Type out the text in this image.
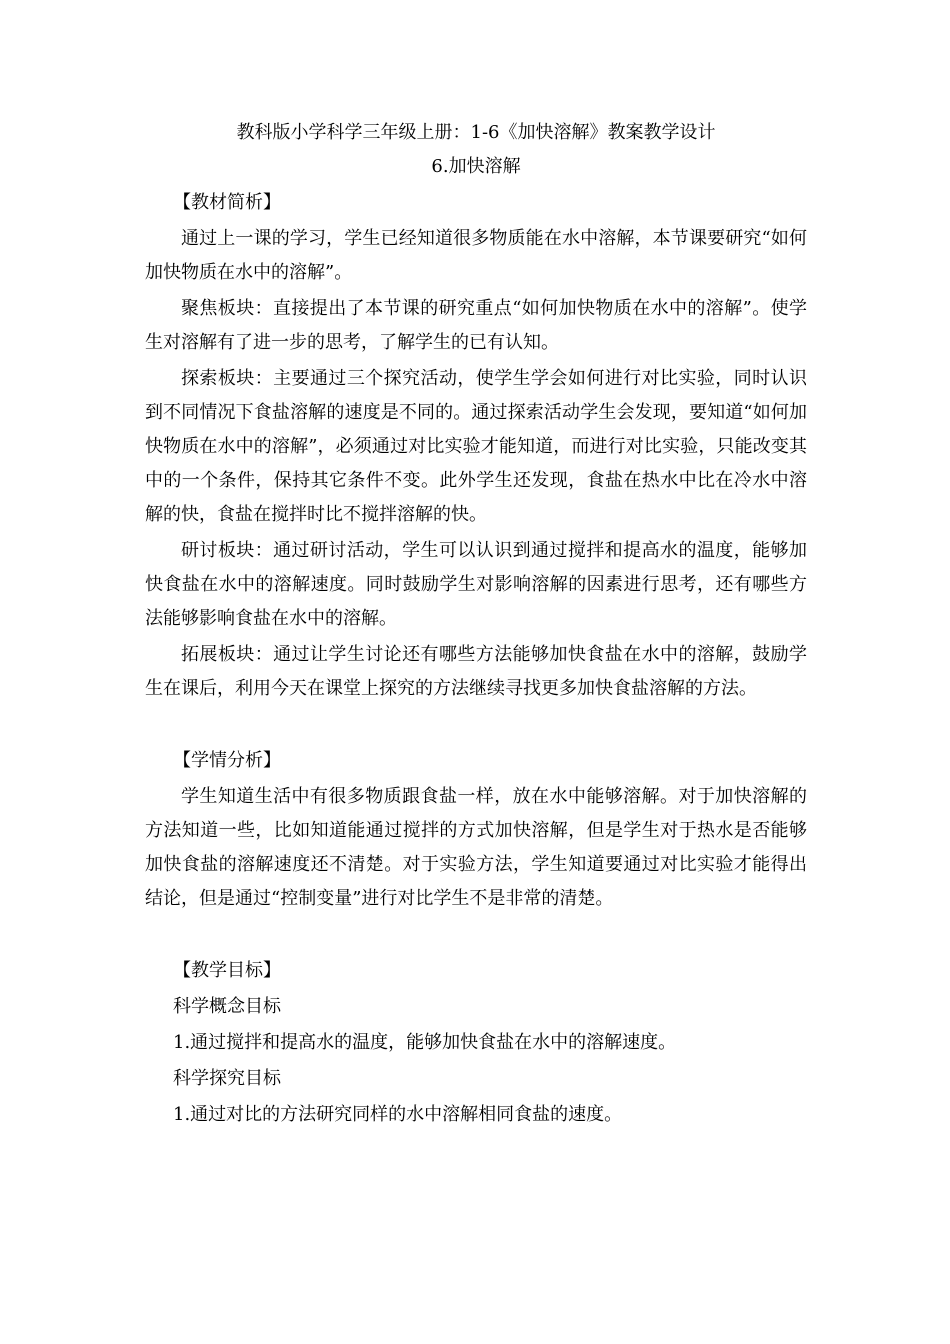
教科版小学科学三年级上册：1-6《加快溶解》教案教学设计
6.加快溶解

【教材简析】

通过上一课的学习，学生已经知道很多物质能在水中溶解，本节课要研究“如何加快物质在水中的溶解”。

聚焦板块：直接提出了本节课的研究重点“如何加快物质在水中的溶解”。使学生对溶解有了进一步的思考，了解学生的已有认知。

探索板块：主要通过三个探究活动，使学生学会如何进行对比实验，同时认识到不同情况下食盐溶解的速度是不同的。通过探索活动学生会发现，要知道“如何加快物质在水中的溶解”，必须通过对比实验才能知道，而进行对比实验，只能改变其中的一个条件，保持其它条件不变。此外学生还发现，食盐在热水中比在冷水中溶解的快，食盐在搅拌时比不搅拌溶解的快。

研讨板块：通过研讨活动，学生可以认识到通过搅拌和提高水的温度，能够加快食盐在水中的溶解速度。同时鼓励学生对影响溶解的因素进行思考，还有哪些方法能够影响食盐在水中的溶解。

拓展板块：通过让学生讨论还有哪些方法能够加快食盐在水中的溶解，鼓励学生在课后，利用今天在课堂上探究的方法继续寻找更多加快食盐溶解的方法。

【学情分析】

学生知道生活中有很多物质跟食盐一样，放在水中能够溶解。对于加快溶解的方法知道一些，比如知道能通过搅拌的方式加快溶解，但是学生对于热水是否能够加快食盐的溶解速度还不清楚。对于实验方法，学生知道要通过对比实验才能得出结论，但是通过“控制变量”进行对比学生不是非常的清楚。

【教学目标】

科学概念目标

1.通过搅拌和提高水的温度，能够加快食盐在水中的溶解速度。

科学探究目标

1.通过对比的方法研究同样的水中溶解相同食盐的速度。
